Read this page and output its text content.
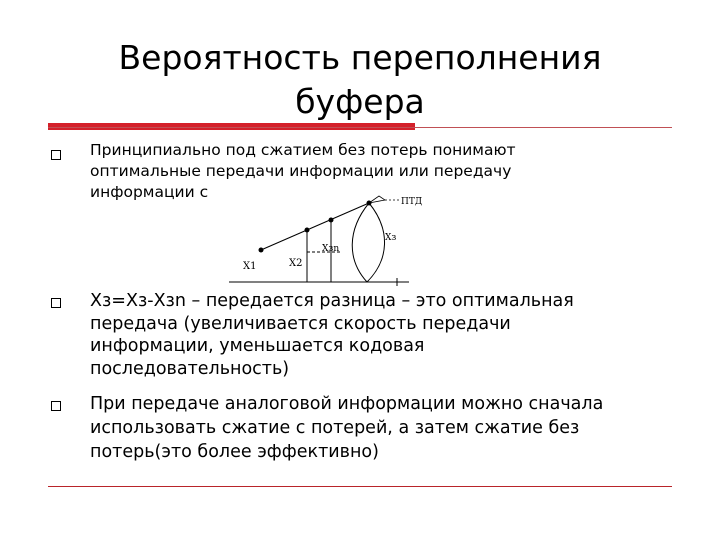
Вероятность переполнения
буфера
Принципиально под сжатием без потерь понимают
оптимальные передачи информации или передачу
информации с
ПТД
X1	X2
Xзn
Xз
Xз=Xз-Xзn – передается разница – это оптимальная
передача (увеличивается скорость передачи
информации, уменьшается кодовая
последовательность)
При передаче аналоговой информации можно сначала
использовать сжатие с потерей, а затем сжатие без
потерь(это более эффективно)
